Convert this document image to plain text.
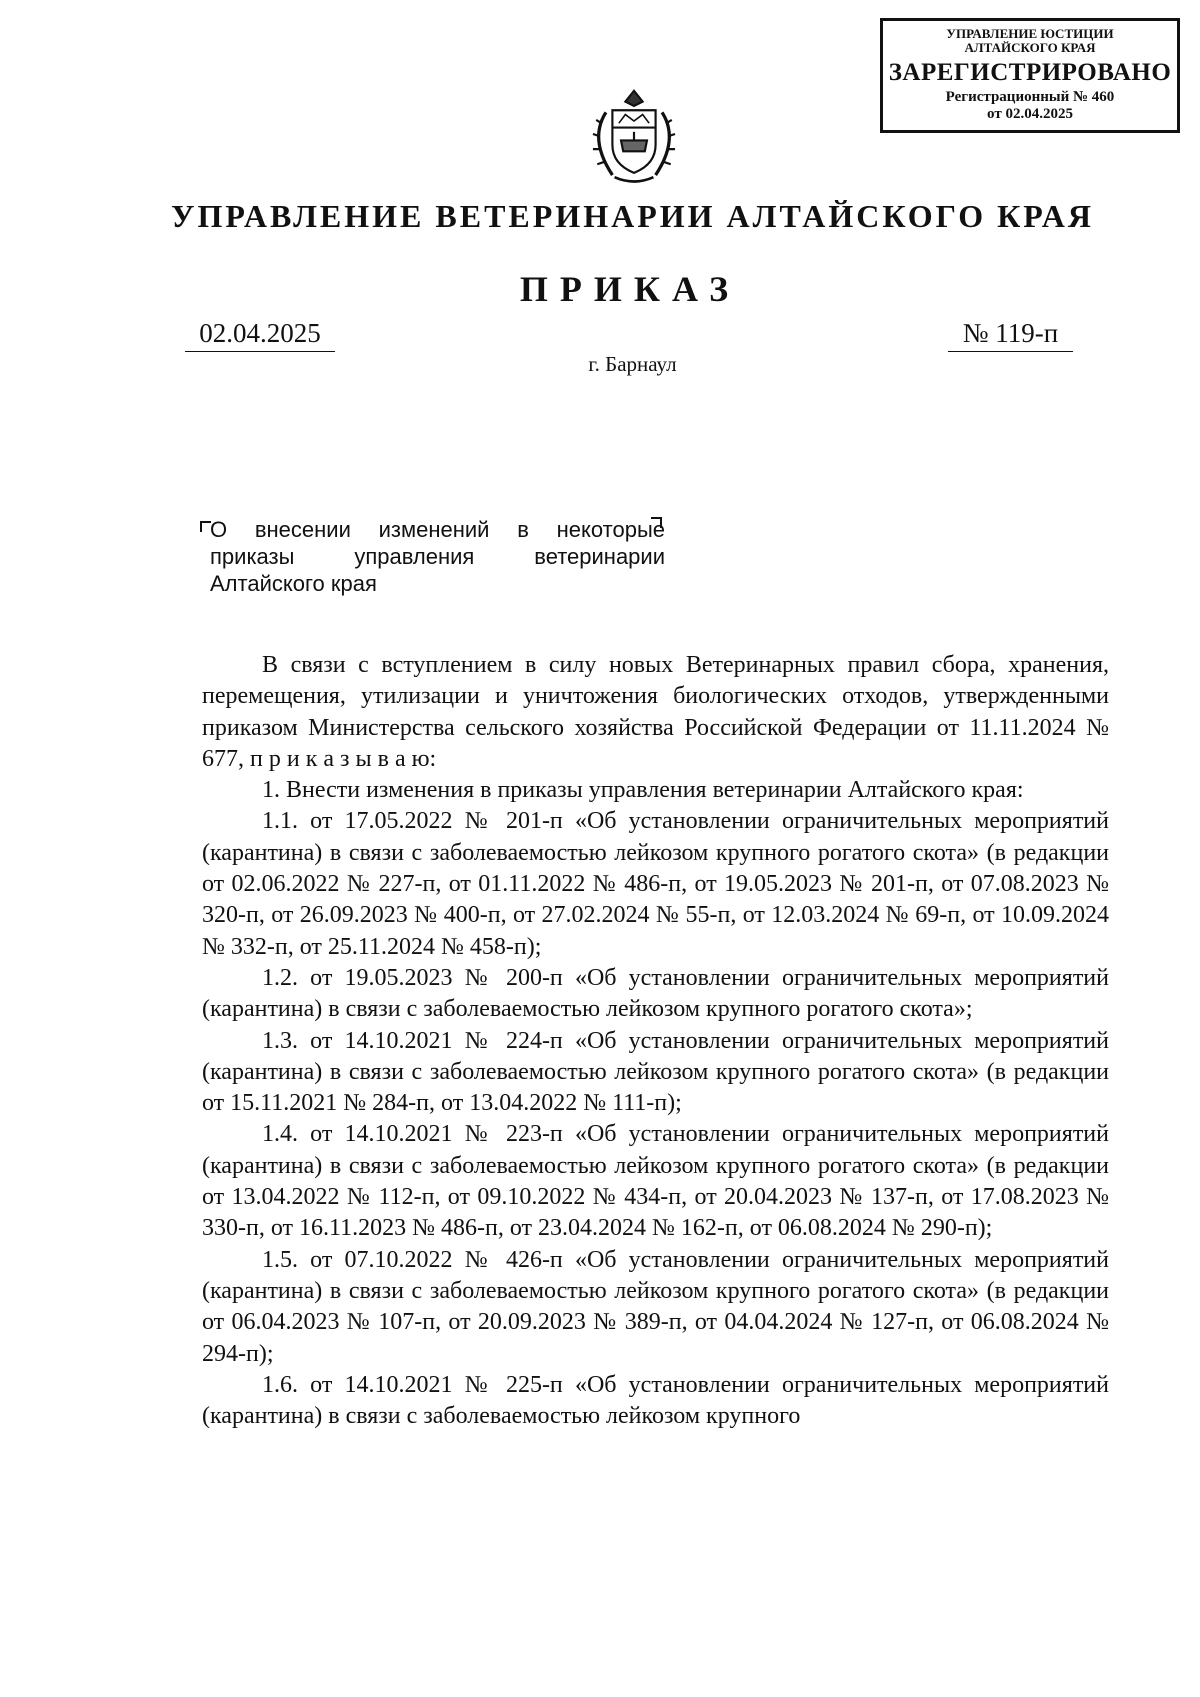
УПРАВЛЕНИЕ ЮСТИЦИИ
АЛТАЙСКОГО КРАЯ
ЗАРЕГИСТРИРОВАНО
Регистрационный № 460
от 02.04.2025
УПРАВЛЕНИЕ ВЕТЕРИНАРИИ АЛТАЙСКОГО КРАЯ
ПРИКАЗ
02.04.2025	№ 119-п
г. Барнаул
О внесении изменений в некоторые приказы управления ветеринарии Алтайского края

В связи с вступлением в силу новых Ветеринарных правил сбора, хранения, перемещения, утилизации и уничтожения биологических отходов, утвержденными приказом Министерства сельского хозяйства Российской Федерации от 11.11.2024 № 677, п р и к а з ы в а ю:

1. Внести изменения в приказы управления ветеринарии Алтайского края:

1.1. от 17.05.2022 № 201-п «Об установлении ограничительных мероприятий (карантина) в связи с заболеваемостью лейкозом крупного рогатого скота» (в редакции от 02.06.2022 № 227-п, от 01.11.2022 № 486-п, от 19.05.2023 № 201-п, от 07.08.2023 № 320-п, от 26.09.2023 № 400-п, от 27.02.2024 № 55-п, от 12.03.2024 № 69-п, от 10.09.2024 № 332-п, от 25.11.2024 № 458-п);

1.2. от 19.05.2023 № 200-п «Об установлении ограничительных мероприятий (карантина) в связи с заболеваемостью лейкозом крупного рогатого скота»;

1.3. от 14.10.2021 № 224-п «Об установлении ограничительных мероприятий (карантина) в связи с заболеваемостью лейкозом крупного рогатого скота» (в редакции от 15.11.2021 № 284-п, от 13.04.2022 № 111-п);

1.4. от 14.10.2021 № 223-п «Об установлении ограничительных мероприятий (карантина) в связи с заболеваемостью лейкозом крупного рогатого скота» (в редакции от 13.04.2022 № 112-п, от 09.10.2022 № 434-п, от 20.04.2023 № 137-п, от 17.08.2023 № 330-п, от 16.11.2023 № 486-п, от 23.04.2024 № 162-п, от 06.08.2024 № 290-п);

1.5. от 07.10.2022 № 426-п «Об установлении ограничительных мероприятий (карантина) в связи с заболеваемостью лейкозом крупного рогатого скота» (в редакции от 06.04.2023 № 107-п, от 20.09.2023 № 389-п, от 04.04.2024 № 127-п, от 06.08.2024 № 294-п);

1.6. от 14.10.2021 № 225-п «Об установлении ограничительных мероприятий (карантина) в связи с заболеваемостью лейкозом крупного
